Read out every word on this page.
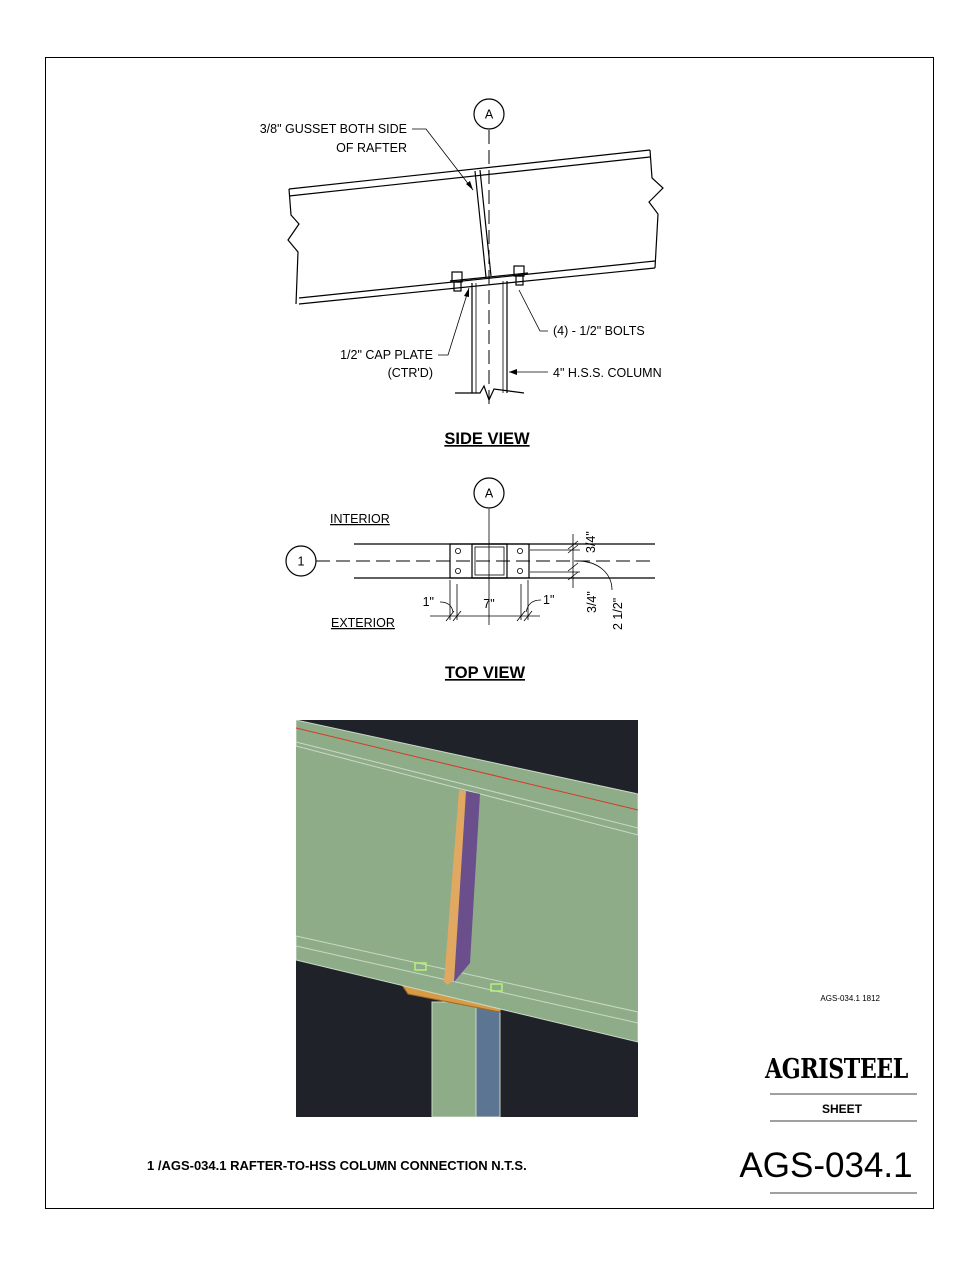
A
3/8" GUSSET BOTH SIDE
OF RAFTER
(4) - 1/2" BOLTS
1/2" CAP PLATE
(CTR'D)	4" H.S.S. COLUMN
SIDE VIEW
A
1
3/4"
3/4" 2 1/2"
1"	7"	1"
INTERIOR
EXTERIOR
TOP VIEW
AGS-034.1 1812
SHEET
AGS-034.1
1 /AGS-034.1 RAFTER-TO-HSS COLUMN CONNECTION N.T.S.
AGRISTEEL
